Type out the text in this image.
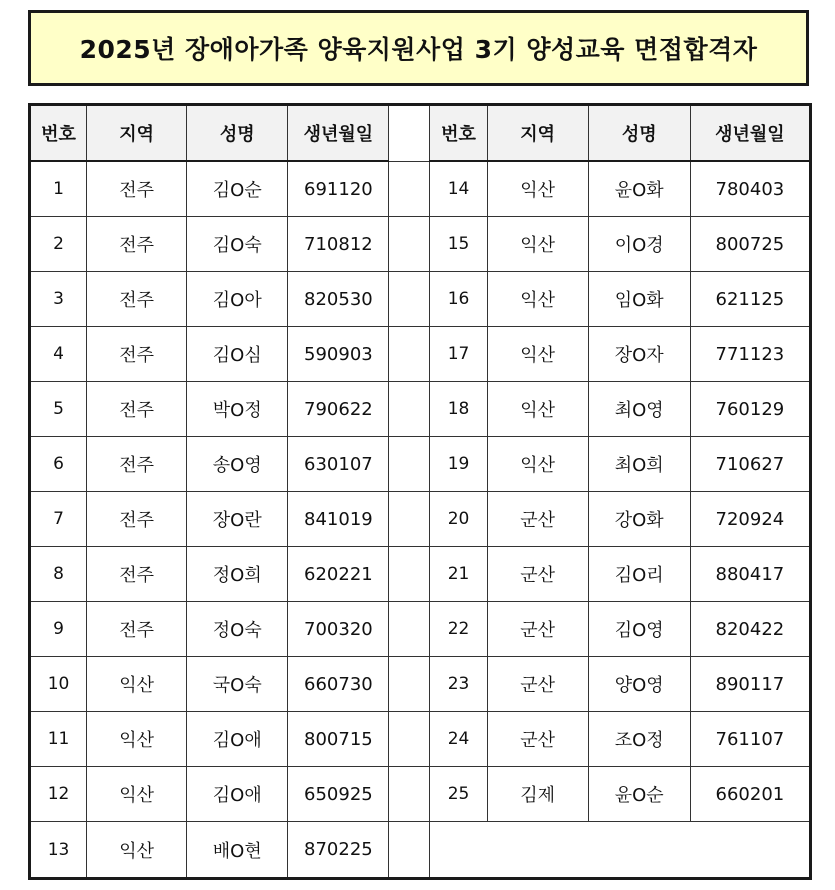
2025년 장애아가족 양육지원사업 3기 양성교육 면접합격자
번호	지역	성명	생년월일		번호	지역	성명	생년월일
1	전주	김O순	691120		14	익산	윤O화	780403
2	전주	김O숙	710812		15	익산	이O경	800725
3	전주	김O아	820530		16	익산	임O화	621125
4	전주	김O심	590903		17	익산	장O자	771123
5	전주	박O정	790622		18	익산	최O영	760129
6	전주	송O영	630107		19	익산	최O희	710627
7	전주	장O란	841019		20	군산	강O화	720924
8	전주	정O희	620221		21	군산	김O리	880417
9	전주	정O숙	700320		22	군산	김O영	820422
10	익산	국O숙	660730		23	군산	양O영	890117
11	익산	김O애	800715		24	군산	조O정	761107
12	익산	김O애	650925		25	김제	윤O순	660201
13	익산	배O현	870225					
